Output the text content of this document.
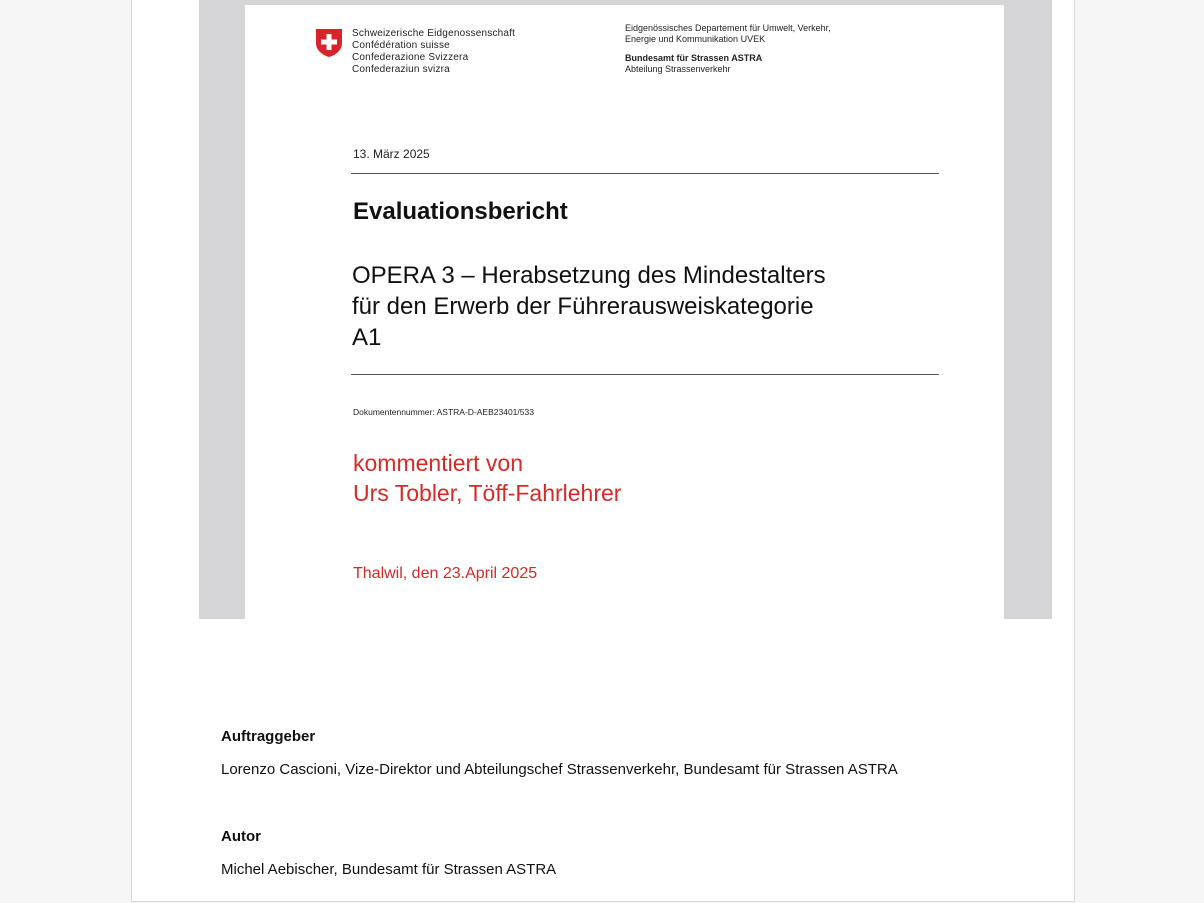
Schweizerische Eidgenossenschaft
Confédération suisse
Confederazione Svizzera
Confederaziun svizra
Eidgenössisches Departement für Umwelt, Verkehr,
Energie und Kommunikation UVEK
Bundesamt für Strassen ASTRA
Abteilung Strassenverkehr
13. März 2025
Evaluationsbericht
OPERA 3 – Herabsetzung des Mindestalters
für den Erwerb der Führerausweiskategorie
A1
Dokumentennummer: ASTRA-D-AEB23401/533
kommentiert von
Urs Tobler, Töff-Fahrlehrer
Thalwil, den 23.April 2025
Auftraggeber
Lorenzo Cascioni, Vize-Direktor und Abteilungschef Strassenverkehr, Bundesamt für Strassen ASTRA
Autor
Michel Aebischer, Bundesamt für Strassen ASTRA
